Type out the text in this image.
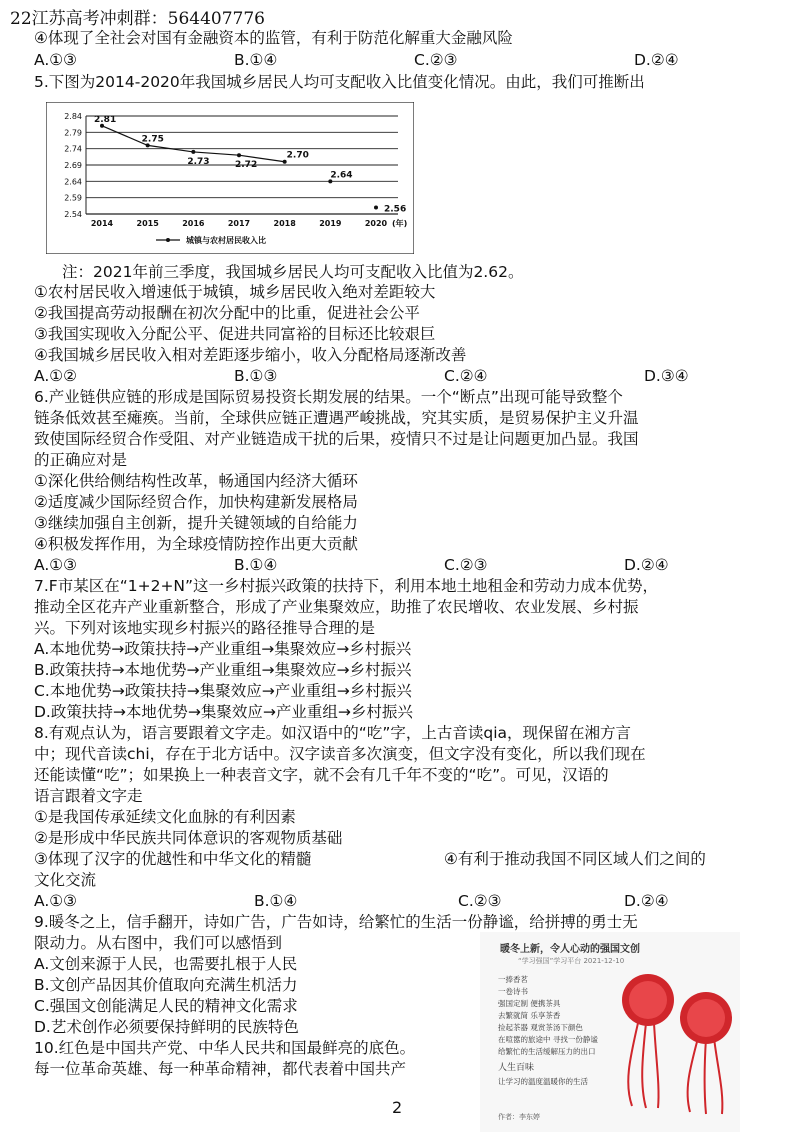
22江苏高考冲刺群：564407776
④体现了全社会对国有金融资本的监管，有利于防范化解重大金融风险
A.①③	B.①④	C.②③	D.②④
5.下图为2014-2020年我国城乡居民人均可支配收入比值变化情况。由此，我们可推断出
2.54
2.59
2.64
2.69
2.74
2.79
2.84
2014	2015	2016	2017	2018	2019	2020 (年)
2.81
2.75
2.73	2.72
2.70
2.64
2.56
城镇与农村居民收入比
注：2021年前三季度，我国城乡居民人均可支配收入比值为2.62。
①农村居民收入增速低于城镇，城乡居民收入绝对差距较大
②我国提高劳动报酬在初次分配中的比重，促进社会公平
③我国实现收入分配公平、促进共同富裕的目标还比较艰巨
④我国城乡居民收入相对差距逐步缩小，收入分配格局逐渐改善
A.①②	B.①③	C.②④	D.③④
6.产业链供应链的形成是国际贸易投资长期发展的结果。一个“断点”出现可能导致整个
链条低效甚至瘫痪。当前，全球供应链正遭遇严峻挑战，究其实质，是贸易保护主义升温
致使国际经贸合作受阻、对产业链造成干扰的后果，疫情只不过是让问题更加凸显。我国
的正确应对是
①深化供给侧结构性改革，畅通国内经济大循环
②适度减少国际经贸合作，加快构建新发展格局
③继续加强自主创新，提升关键领域的自给能力
④积极发挥作用，为全球疫情防控作出更大贡献
A.①③	B.①④	C.②③	D.②④
7.F市某区在“1+2+N”这一乡村振兴政策的扶持下，利用本地土地租金和劳动力成本优势，
推动全区花卉产业重新整合，形成了产业集聚效应，助推了农民增收、农业发展、乡村振
兴。下列对该地实现乡村振兴的路径推导合理的是
A.本地优势→政策扶持→产业重组→集聚效应→乡村振兴
B.政策扶持→本地优势→产业重组→集聚效应→乡村振兴
C.本地优势→政策扶持→集聚效应→产业重组→乡村振兴
D.政策扶持→本地优势→集聚效应→产业重组→乡村振兴
8.有观点认为，语言要跟着文字走。如汉语中的“吃”字，上古音读qia，现保留在湘方言
中；现代音读chi，存在于北方话中。汉字读音多次演变，但文字没有变化，所以我们现在
还能读懂“吃”；如果换上一种表音文字，就不会有几千年不变的“吃”。可见，汉语的
语言跟着文字走
①是我国传承延续文化血脉的有利因素
②是形成中华民族共同体意识的客观物质基础
③体现了汉字的优越性和中华文化的精髓	④有利于推动我国不同区域人们之间的
文化交流
A.①③	B.①④	C.②③	D.②④
9.暖冬之上，信手翻开，诗如广告，广告如诗，给繁忙的生活一份静谧，给拼搏的勇士无
限动力。从右图中，我们可以感悟到
A.文创来源于人民，也需要扎根于人民
B.文创产品因其价值取向充满生机活力
C.强国文创能满足人民的精神文化需求
D.艺术创作必须要保持鲜明的民族特色
10.红色是中国共产党、中华人民共和国最鲜亮的底色。
每一位革命英雄、每一种革命精神，都代表着中国共产
暖冬上新，令人心动的强国文创
“学习强国”学习平台 2021-12-10
一捧香茗
一卷诗书
强国定制 便携茶具
去繁就简 乐享茶香
捡起茶器 观赏茶汤下颜色
在喧嚣的旅途中 寻找一份静谧
给繁忙的生活缓解压力的出口
人生百味
让学习的温度温暖你的生活
作者：李东婷
2
